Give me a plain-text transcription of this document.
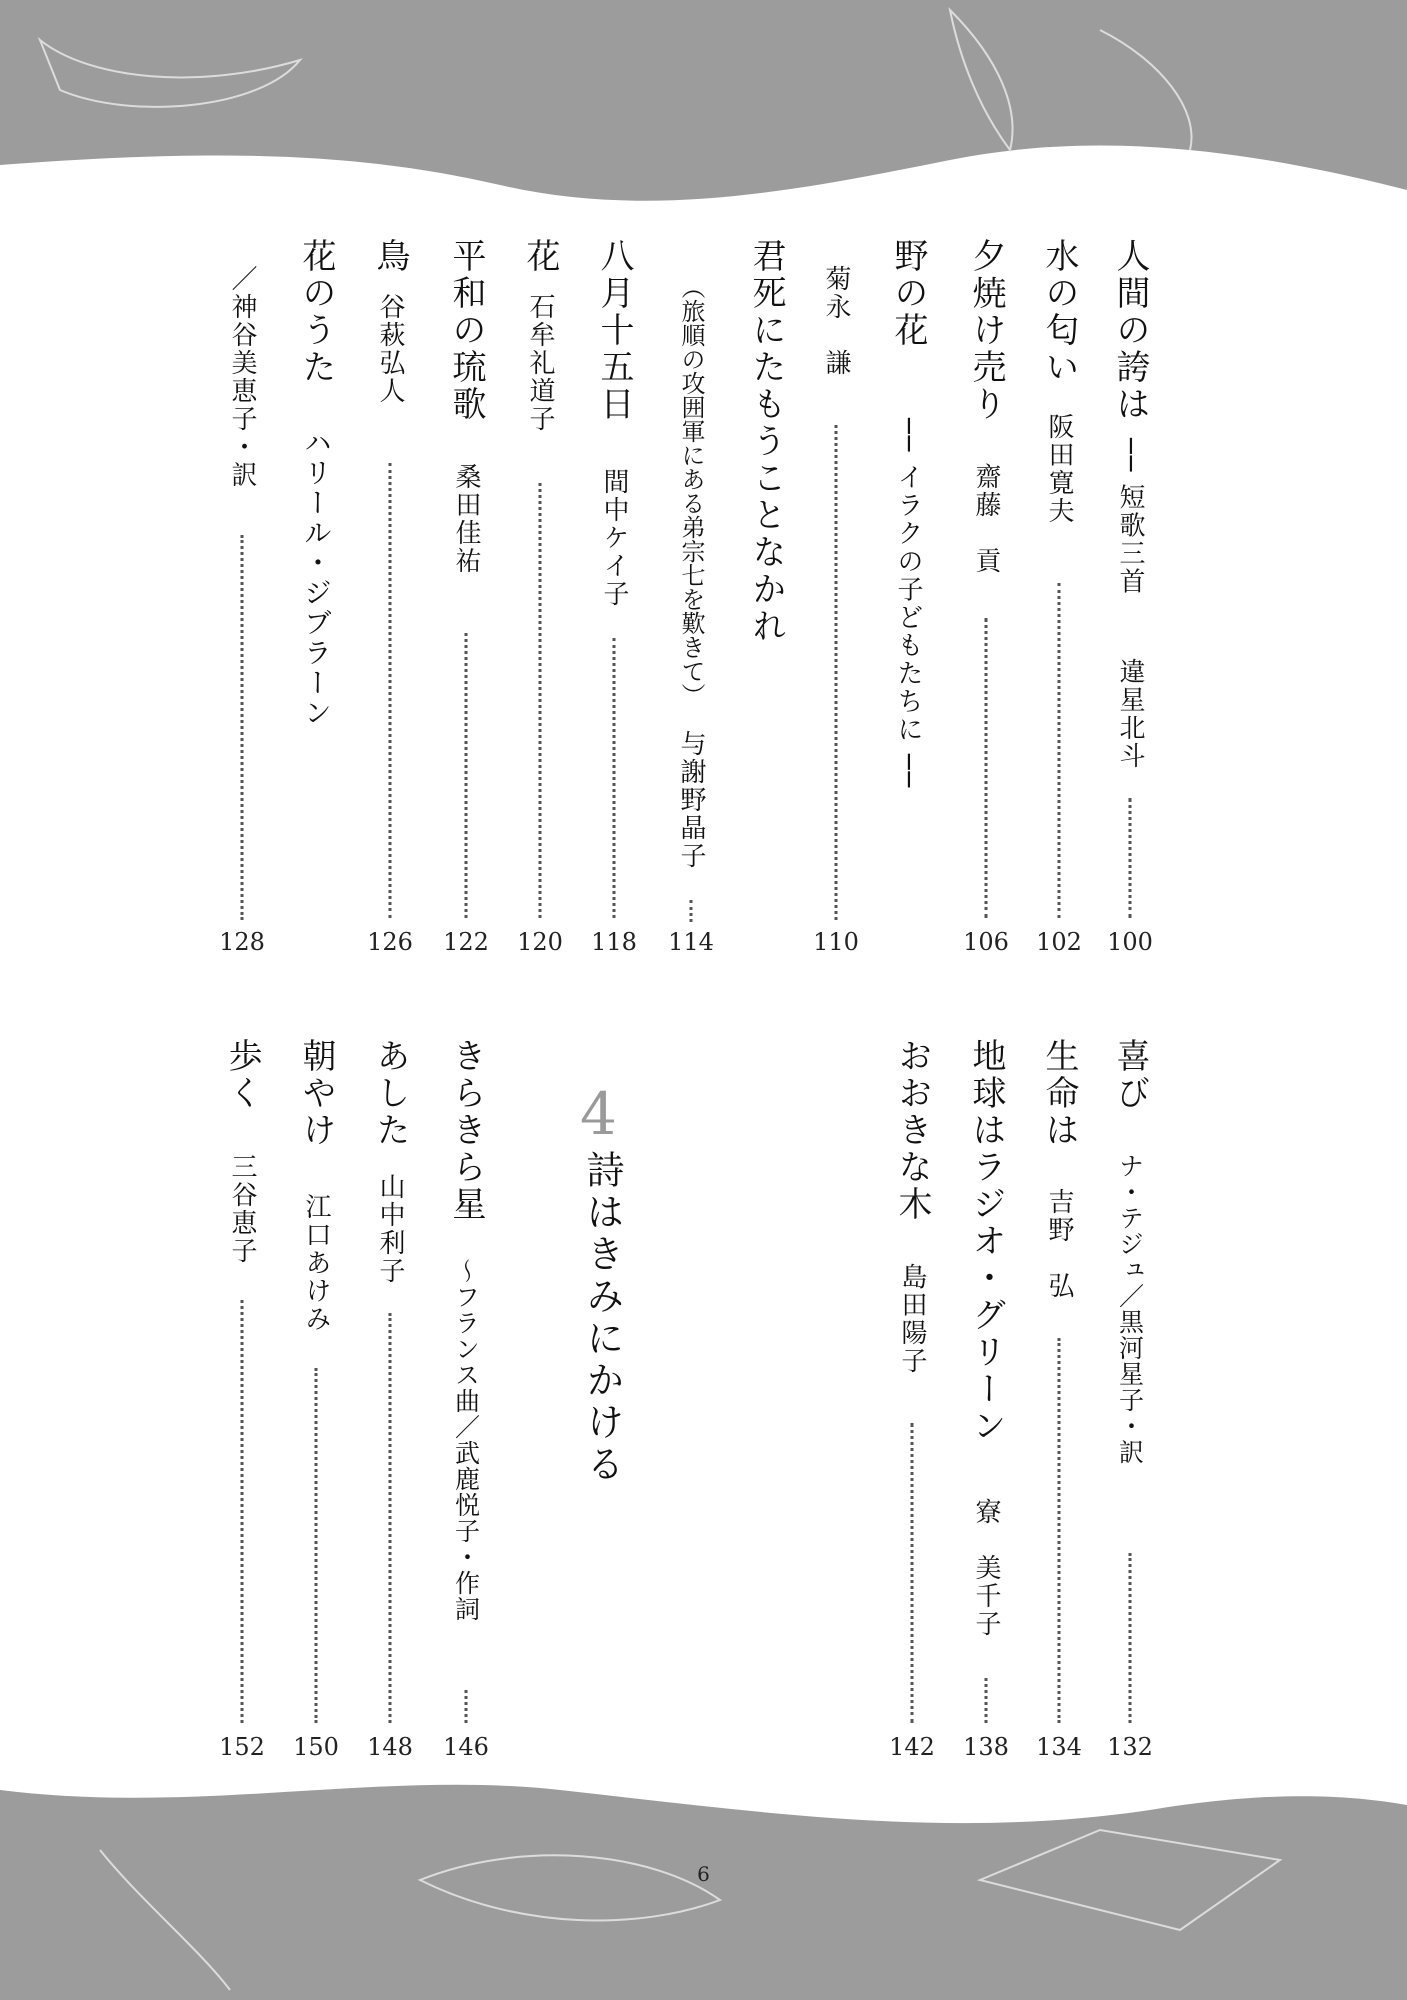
人間の誇は
── 短歌三首
違星北斗
100
水の匂い
阪田寛夫
102
夕焼け売り
齋藤　貢
106
野の花
── イラクの子どもたちに ──
菊永　謙
110
君死にたもうことなかれ
（旅順の攻囲軍にある弟宗七を歎きて）
与謝野晶子
114
八月十五日
間中ケイ子
118
花
石牟礼道子
120
平和の琉歌
桑田佳祐
122
鳥
谷萩弘人
126
花のうた
ハリール・ジブラーン
／神谷美恵子・訳
128
喜び
ナ・テジュ／黒河星子・訳
132
生命は
吉野　弘
134
地球はラジオ・グリーン
寮　美千子
138
おおきな木
島田陽子
142
4
詩はきみにかける
きらきら星
～フランス曲／武鹿悦子・作詞
146
あした
山中利子
148
朝やけ
江口あけみ
150
歩く
三谷恵子
152
6
